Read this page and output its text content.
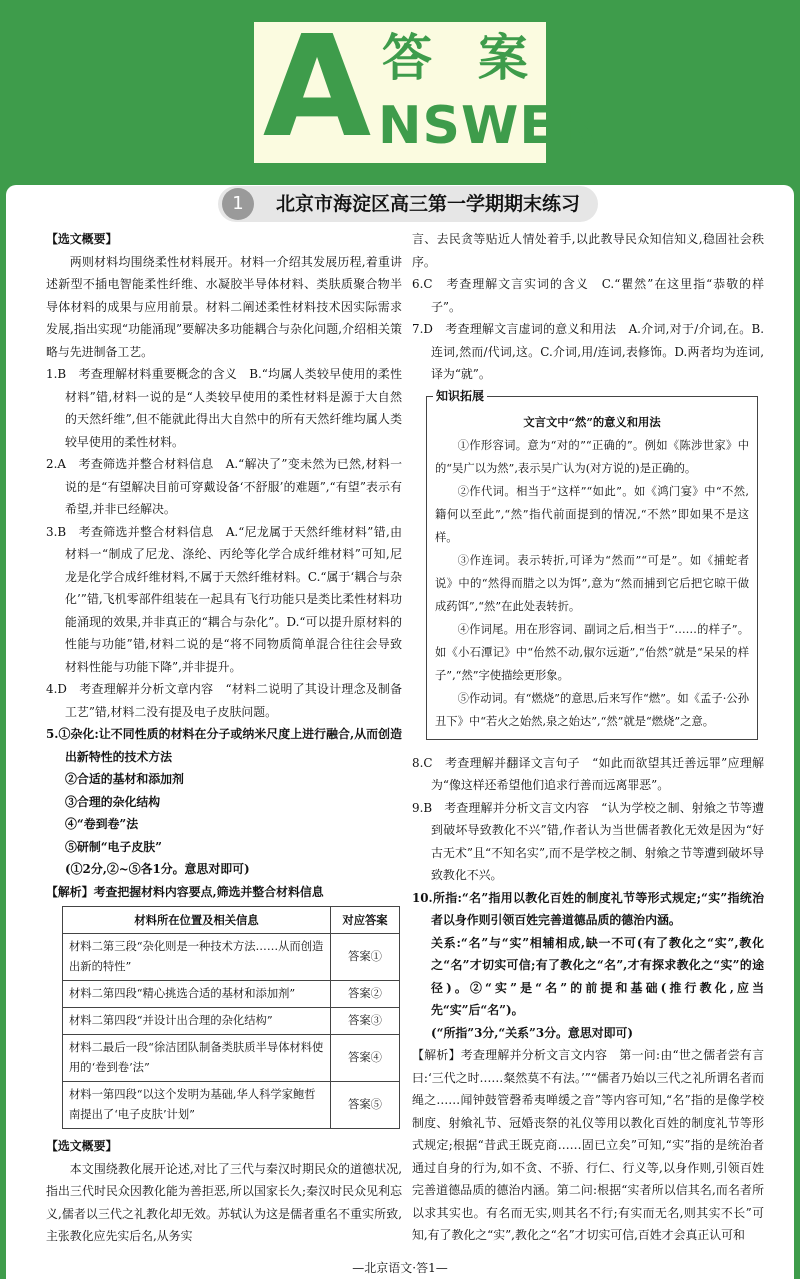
A 答案
NSWER
1	北京市海淀区高三第一学期期末练习

【选文概要】

两则材料均围绕柔性材料展开。材料一介绍其发展历程,着重讲述新型不插电智能柔性纤维、水凝胶半导体材料、类肤质聚合物半导体材料的成果与应用前景。材料二阐述柔性材料技术因实际需求发展,指出实现“功能涌现”要解决多功能耦合与杂化问题,介绍相关策略与先进制备工艺。

1.B　考查理解材料重要概念的含义　B.“均属人类较早使用的柔性材料”错,材料一说的是“人类较早使用的柔性材料是源于大自然的天然纤维”,但不能就此得出大自然中的所有天然纤维均属人类较早使用的柔性材料。

2.A　考查筛选并整合材料信息　A.“解决了”变未然为已然,材料一说的是“有望解决目前可穿戴设备‘不舒服’的难题”,“有望”表示有希望,并非已经解决。

3.B　考查筛选并整合材料信息　A.“尼龙属于天然纤维材料”错,由材料一“制成了尼龙、涤纶、丙纶等化学合成纤维材料”可知,尼龙是化学合成纤维材料,不属于天然纤维材料。C.“属于‘耦合与杂化’”错,飞机零部件组装在一起具有飞行功能只是类比柔性材料功能涌现的效果,并非真正的“耦合与杂化”。D.“可以提升原材料的性能与功能”错,材料二说的是“将不同物质简单混合往往会导致材料性能与功能下降”,并非提升。

4.D　考查理解并分析文章内容　“材料二说明了其设计理念及制备工艺”错,材料二没有提及电子皮肤问题。

5.①杂化:让不同性质的材料在分子或纳米尺度上进行融合,从而创造出新特性的技术方法

②合适的基材和添加剂

③合理的杂化结构

④“卷到卷”法

⑤研制“电子皮肤”

(①2分,②~⑤各1分。意思对即可)

【解析】考查把握材料内容要点,筛选并整合材料信息

材料所在位置及相关信息	对应答案
材料二第三段“杂化则是一种技术方法……从而创造出新的特性”	答案①
材料二第四段“精心挑选合适的基材和添加剂”	答案②
材料二第四段“并设计出合理的杂化结构”	答案③
材料二最后一段“徐洁团队制备类肤质半导体材料使用的‘卷到卷’法”	答案④
材料一第四段“以这个发明为基础,华人科学家鲍哲南提出了‘电子皮肤’计划”	答案⑤

【选文概要】

本文围绕教化展开论述,对比了三代与秦汉时期民众的道德状况,指出三代时民众因教化能为善拒恶,所以国家长久;秦汉时民众见利忘义,儒者以三代之礼教化却无效。苏轼认为这是儒者重名不重实所致,主张教化应先实后名,从务实

言、去民贪等贴近人情处着手,以此教导民众知信知义,稳固社会秩序。

6.C　考查理解文言实词的含义　C.“瞿然”在这里指“恭敬的样子”。

7.D　考查理解文言虚词的意义和用法　A.介词,对于/介词,在。B.连词,然而/代词,这。C.介词,用/连词,表修饰。D.两者均为连词,译为“就”。

知识拓展

文言文中“然”的意义和用法

①作形容词。意为“对的”“正确的”。例如《陈涉世家》中的“吴广以为然”,表示吴广认为(对方说的)是正确的。

②作代词。相当于“这样”“如此”。如《鸿门宴》中“不然,籍何以至此”,“然”指代前面提到的情况,“不然”即如果不是这样。

③作连词。表示转折,可译为“然而”“可是”。如《捕蛇者说》中的“然得而腊之以为饵”,意为“然而捕到它后把它晾干做成药饵”,“然”在此处表转折。

④作词尾。用在形容词、副词之后,相当于“……的样子”。如《小石潭记》中“佁然不动,俶尔远逝”,“佁然”就是“呆呆的样子”,“然”字使描绘更形象。

⑤作动词。有“燃烧”的意思,后来写作“燃”。如《孟子·公孙丑下》中“若火之始然,泉之始达”,“然”就是“燃烧”之意。

8.C　考查理解并翻译文言句子　“如此而欲望其迁善远罪”应理解为“像这样还希望他们追求行善而远离罪恶”。

9.B　考查理解并分析文言文内容　“认为学校之制、射飨之节等遭到破坏导致教化不兴”错,作者认为当世儒者教化无效是因为“好古无术”且“不知名实”,而不是学校之制、射飨之节等遭到破坏导致教化不兴。

10.所指:“名”指用以教化百姓的制度礼节等形式规定;“实”指统治者以身作则引领百姓完善道德品质的德治内涵。

关系:“名”与“实”相辅相成,缺一不可(有了教化之“实”,教化之“名”才切实可信;有了教化之“名”,才有探求教化之“实”的途径)。②“实”是“名”的前提和基础(推行教化,应当先“实”后“名”)。

(“所指”3分,“关系”3分。意思对即可)

【解析】考查理解并分析文言文内容　第一问:由“世之儒者尝有言曰:‘三代之时……粲然莫不有法。’”“儒者乃始以三代之礼所谓名者而绳之……闻钟鼓管磬希夷啴缓之音”等内容可知,“名”指的是像学校制度、射飨礼节、冠婚丧祭的礼仪等用以教化百姓的制度礼节等形式规定;根据“昔武王既克商……固已立矣”可知,“实”指的是统治者通过自身的行为,如不贪、不骄、行仁、行义等,以身作则,引领百姓完善道德品质的德治内涵。第二问:根据“实者所以信其名,而名者所以求其实也。有名而无实,则其名不行;有实而无名,则其实不长”可知,有了教化之“实”,教化之“名”才切实可信,百姓才会真正认可和

—北京语文·答1—
